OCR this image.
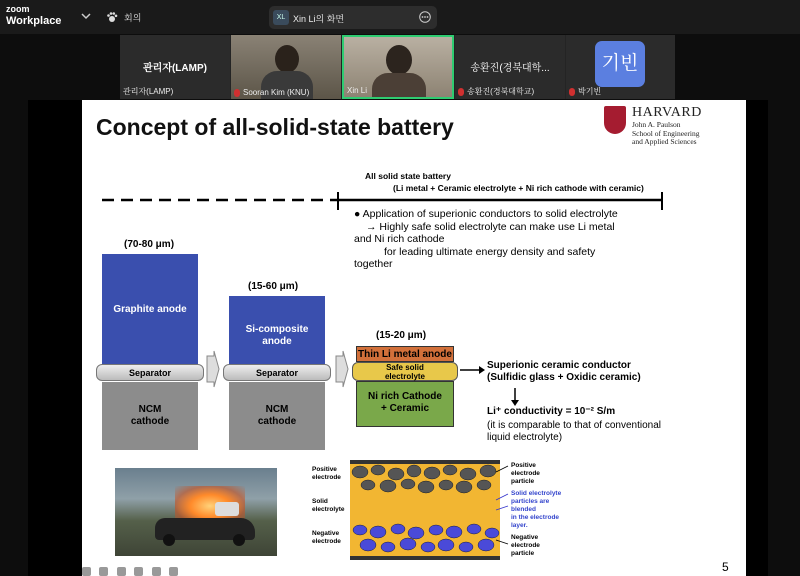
zoom
Workplace	회의	XL Xin Li의 화면
관리자(LAMP)
관리자(LAMP)	Sooran Kim (KNU)	Xin Li
송환진(경북대학...
송환진(경북대학교)
기빈
박기빈
Concept of all-solid-state battery
HARVARD
John A. Paulson
School of Engineering
and Applied Sciences
All solid state battery
(Li metal + Ceramic electrolyte + Ni rich cathode with ceramic)
● Application of superionic conductors to solid electrolyte
→ Highly safe solid electrolyte can make use Li metal
and Ni rich cathode
for leading ultimate energy density and safety
together
(70-80 μm)
Graphite anode
NCM
cathode
Separator
(15-60 μm)
Si-composite
anode
NCM
cathode
Separator
(15-20 μm)
Thin Li metal anode
Safe solid
electrolyte
Ni rich Cathode
+ Ceramic
Superionic ceramic conductor
(Sulfidic glass + Oxidic ceramic)
Li⁺ conductivity = 10⁻² S/m
(it is comparable to that of conventional
liquid electrolyte)
Positive
electrode
Solid
electrolyte
Negative
electrode
Positive electrode
particle
Solid electrolyte
particles are blended
in the electrode layer.
Negative electrode
particle
5
